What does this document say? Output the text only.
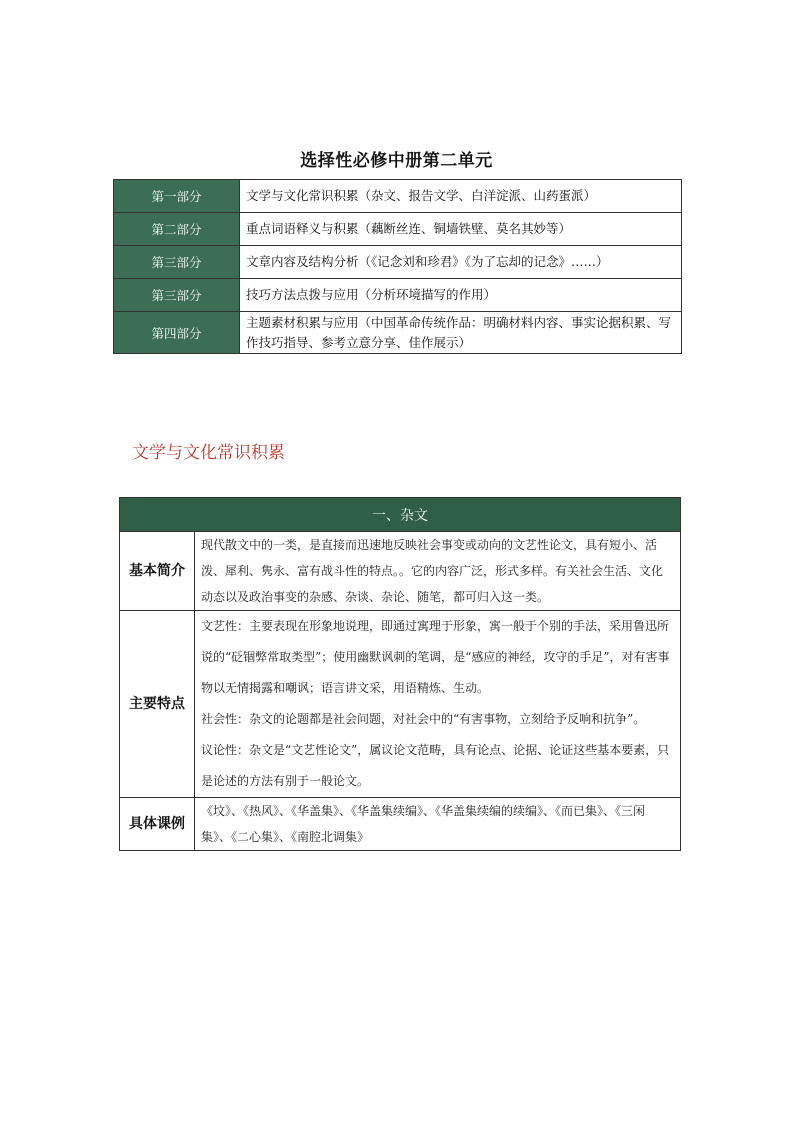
选择性必修中册第二单元
第一部分	文学与文化常识积累（杂文、报告文学、白洋淀派、山药蛋派）
第二部分	重点词语释义与积累（藕断丝连、铜墙铁壁、莫名其妙等）
第三部分	文章内容及结构分析（《记念刘和珍君》《为了忘却的记念》……）
第三部分	技巧方法点拨与应用（分析环境描写的作用）
第四部分	主题素材积累与应用（中国革命传统作品：明确材料内容、事实论据积累、写作技巧指导、参考立意分享、佳作展示）
文学与文化常识积累
一、杂文	
基本简介	现代散文中的一类，是直接而迅速地反映社会事变或动向的文艺性论文，具有短小、活泼、犀利、隽永、富有战斗性的特点。。它的内容广泛，形式多样。有关社会生活、文化动态以及政治事变的杂感、杂谈、杂论、随笔，都可归入这一类。
主要特点	文艺性：主要表现在形象地说理，即通过寓理于形象，寓一般于个别的手法，采用鲁迅所说的“砭锢弊常取类型”；使用幽默讽刺的笔调，是“感应的神经，攻守的手足”，对有害事物以无情揭露和嘲讽；语言讲文采，用语精炼、生动。

社会性：杂文的论题都是社会问题，对社会中的“有害事物，立刻给予反响和抗争”。

议论性：杂文是“文艺性论文”，属议论文范畴，具有论点、论据、论证这些基本要素，只是论述的方法有别于一般论文。

具体课例	《坟》、《热风》、《华盖集》、《华盖集续编》、《华盖集续编的续编》、《而已集》、《三闲集》、《二心集》、《南腔北调集》
